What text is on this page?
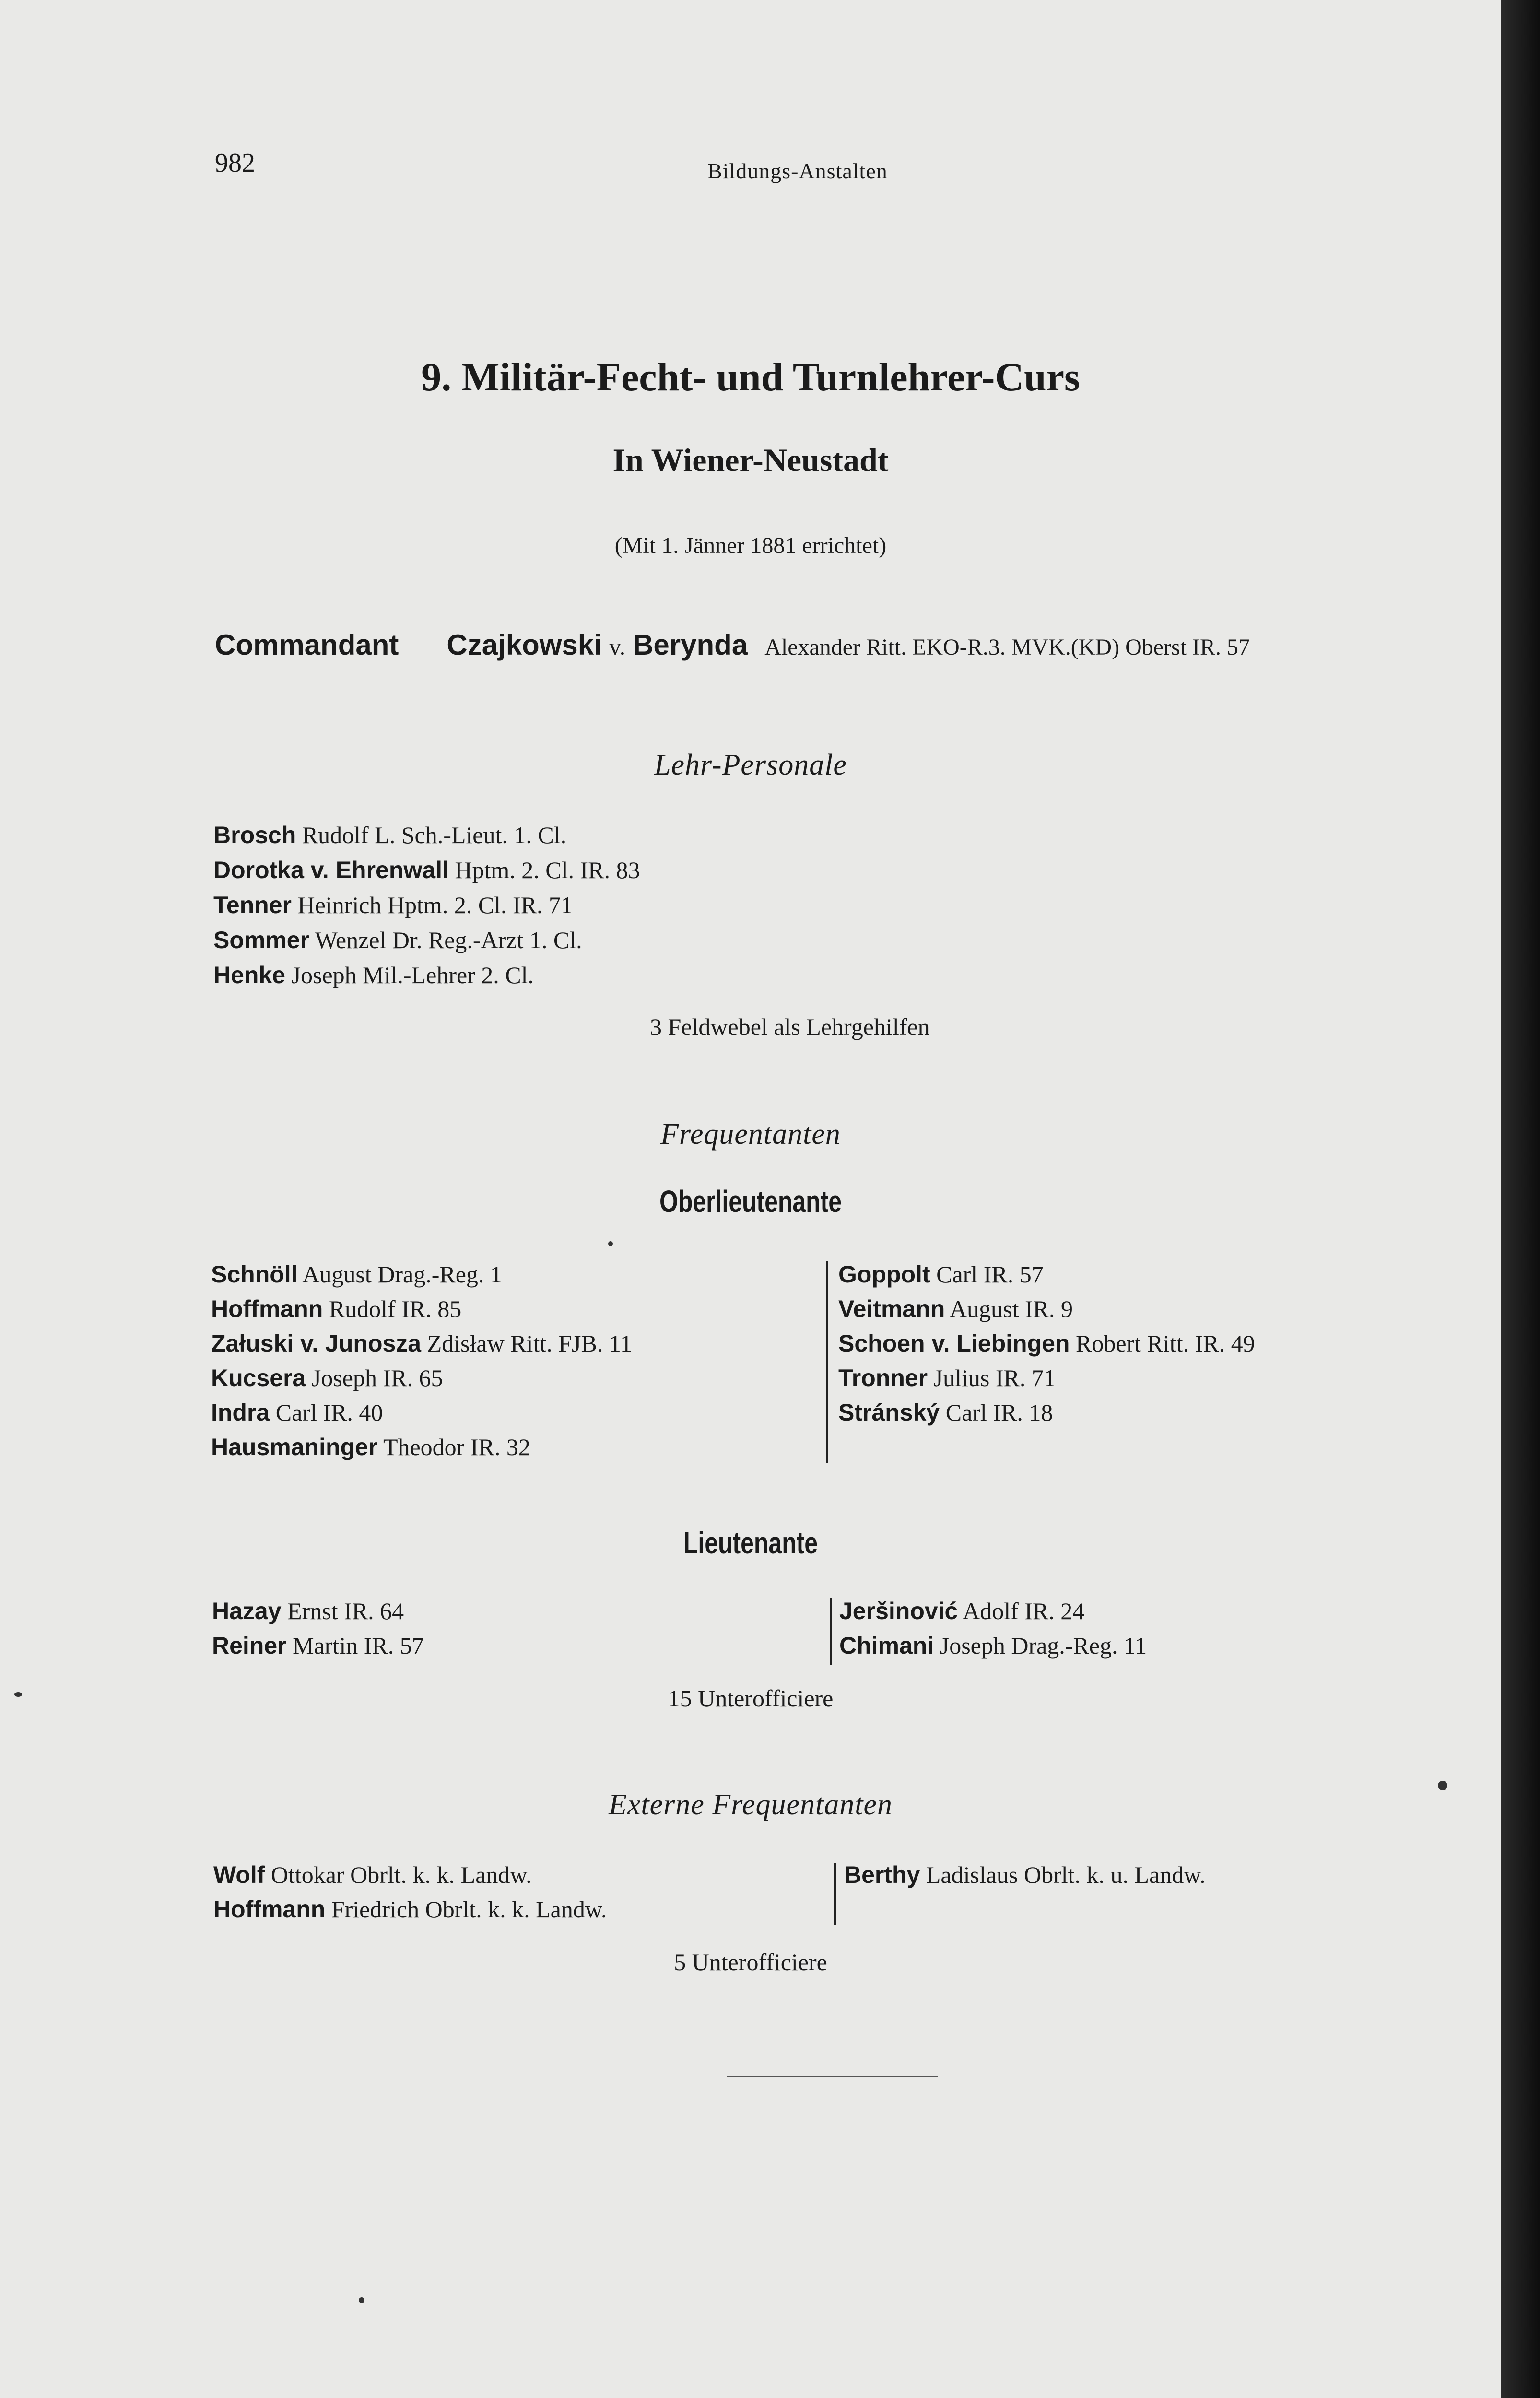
982	Bildungs-Anstalten
9. Militär-Fecht- und Turnlehrer-Curs
In Wiener-Neustadt
(Mit 1. Jänner 1881 errichtet)
Commandant Czajkowski v. Berynda Alexander Ritt. EKO-R.3. MVK.(KD) Oberst IR. 57
Lehr-Personale
Brosch Rudolf L. Sch.-Lieut. 1. Cl.
Dorotka v. Ehrenwall Hptm. 2. Cl. IR. 83
Tenner Heinrich Hptm. 2. Cl. IR. 71
Sommer Wenzel Dr. Reg.-Arzt 1. Cl.
Henke Joseph Mil.-Lehrer 2. Cl.
3 Feldwebel als Lehrgehilfen
Frequentanten
Oberlieutenante
Schnöll August Drag.-Reg. 1
Hoffmann Rudolf IR. 85
Załuski v. Junosza Zdisław Ritt. FJB. 11
Kucsera Joseph IR. 65
Indra Carl IR. 40
Hausmaninger Theodor IR. 32
Goppolt Carl IR. 57
Veitmann August IR. 9
Schoen v. Liebingen Robert Ritt. IR. 49
Tronner Julius IR. 71
Stránský Carl IR. 18
Lieutenante
Hazay Ernst IR. 64
Reiner Martin IR. 57
Jeršinović Adolf IR. 24
Chimani Joseph Drag.-Reg. 11
15 Unterofficiere
Externe Frequentanten
Wolf Ottokar Obrlt. k. k. Landw.
Hoffmann Friedrich Obrlt. k. k. Landw.
Berthy Ladislaus Obrlt. k. u. Landw.
5 Unterofficiere
